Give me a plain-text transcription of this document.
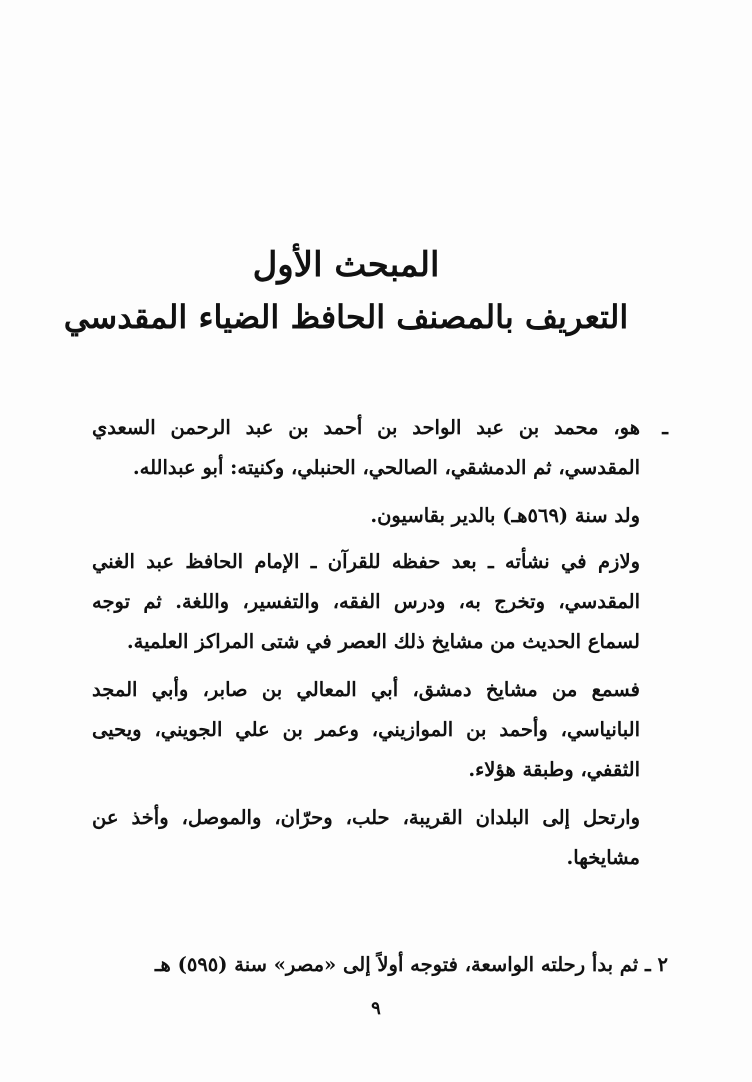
المبحث الأول

التعريف بالمصنف الحافظ الضياء المقدسي

ـ

هو، محمد بن عبد الواحد بن أحمد بن عبد الرحمن السعدي المقدسي، ثم الدمشقي، الصالحي، الحنبلي، وكنيته: أبو عبدالله.

ولد سنة (٥٦٩هـ) بالدير بقاسيون.

ولازم في نشأته ـ بعد حفظه للقرآن ـ الإمام الحافظ عبد الغني المقدسي، وتخرج به، ودرس الفقه، والتفسير، واللغة. ثم توجه لسماع الحديث من مشايخ ذلك العصر في شتى المراكز العلمية.

فسمع من مشايخ دمشق، أبي المعالي بن صابر، وأبي المجد البانياسي، وأحمد بن الموازيني، وعمر بن علي الجويني، ويحيى الثقفي، وطبقة هؤلاء.

وارتحل إلى البلدان القريبة، حلب، وحرّان، والموصل، وأخذ عن مشايخها.

٢ ـ ثم بدأ رحلته الواسعة، فتوجه أولاً إلى «مصر» سنة (٥٩٥) هـ
٩
